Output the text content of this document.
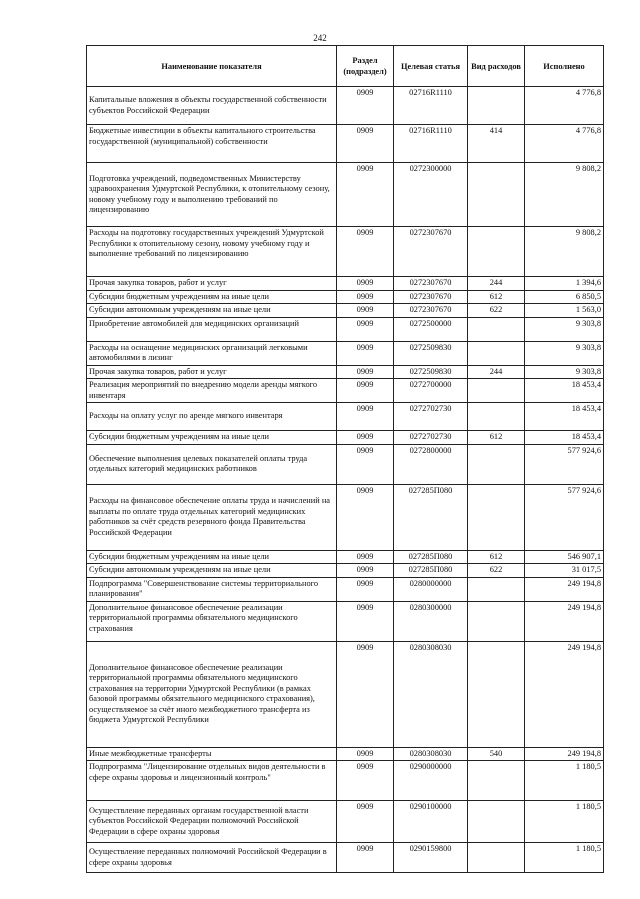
242
Наименование показателя	Раздел (подраздел)	Целевая статья	Вид расходов	Исполнено
Капитальные вложения в объекты государственной собственности субъектов Российской Федерации	0909	02716R1110		4 776,8
Бюджетные инвестиции в объекты капитального строительства государственной (муниципальной) собственности	0909	02716R1110	414	4 776,8
Подготовка учреждений, подведомственных Министерству здравоохранения Удмуртской Республики, к отопительному сезону, новому учебному году и выполнению требований по лицензированию	0909	0272300000		9 808,2
Расходы на подготовку государственных учреждений Удмуртской Республики к отопительному сезону, новому учебному году и выполнение требований по лицензированию	0909	0272307670		9 808,2
Прочая закупка товаров, работ и услуг	0909	0272307670	244	1 394,6
Субсидии бюджетным учреждениям на иные цели	0909	0272307670	612	6 850,5
Субсидии автономным учреждениям на иные цели	0909	0272307670	622	1 563,0
Приобретение автомобилей для медицинских организаций	0909	0272500000		9 303,8
Расходы на оснащение медицинских организаций легковыми автомобилями в лизинг	0909	0272509830		9 303,8
Прочая закупка товаров, работ и услуг	0909	0272509830	244	9 303,8
Реализация мероприятий по внедрению модели аренды мягкого инвентаря	0909	0272700000		18 453,4
Расходы на оплату услуг по аренде мягкого инвентаря	0909	0272702730		18 453,4
Субсидии бюджетным учреждениям на иные цели	0909	0272702730	612	18 453,4
Обеспечение выполнения целевых показателей оплаты труда отдельных категорий медицинских работников	0909	0272800000		577 924,6
Расходы на финансовое обеспечение оплаты труда и начислений на выплаты по оплате труда отдельных категорий медицинских работников за счёт средств резервного фонда Правительства Российской Федерации	0909	027285П080		577 924,6
Субсидии бюджетным учреждениям на иные цели	0909	027285П080	612	546 907,1
Субсидии автономным учреждениям на иные цели	0909	027285П080	622	31 017,5
Подпрограмма "Совершенствование системы территориального планирования"	0909	0280000000		249 194,8
Дополнительное финансовое обеспечение реализации территориальной программы обязательного медицинского страхования	0909	0280300000		249 194,8
Дополнительное финансовое обеспечение реализации территориальной программы обязательного медицинского страхования на территории Удмуртской Республики (в рамках базовой программы обязательного медицинского страхования), осуществляемое за счёт иного межбюджетного трансферта из бюджета Удмуртской Республики	0909	0280308030		249 194,8
Иные межбюджетные трансферты	0909	0280308030	540	249 194,8
Подпрограмма "Лицензирование отдельных видов деятельности в сфере охраны здоровья и лицензионный контроль"	0909	0290000000		1 180,5
Осуществление переданных органам государственной власти субъектов Российской Федерации полномочий Российской Федерации в сфере охраны здоровья	0909	0290100000		1 180,5
Осуществление переданных полномочий Российской Федерации в сфере охраны здоровья	0909	0290159800		1 180,5
